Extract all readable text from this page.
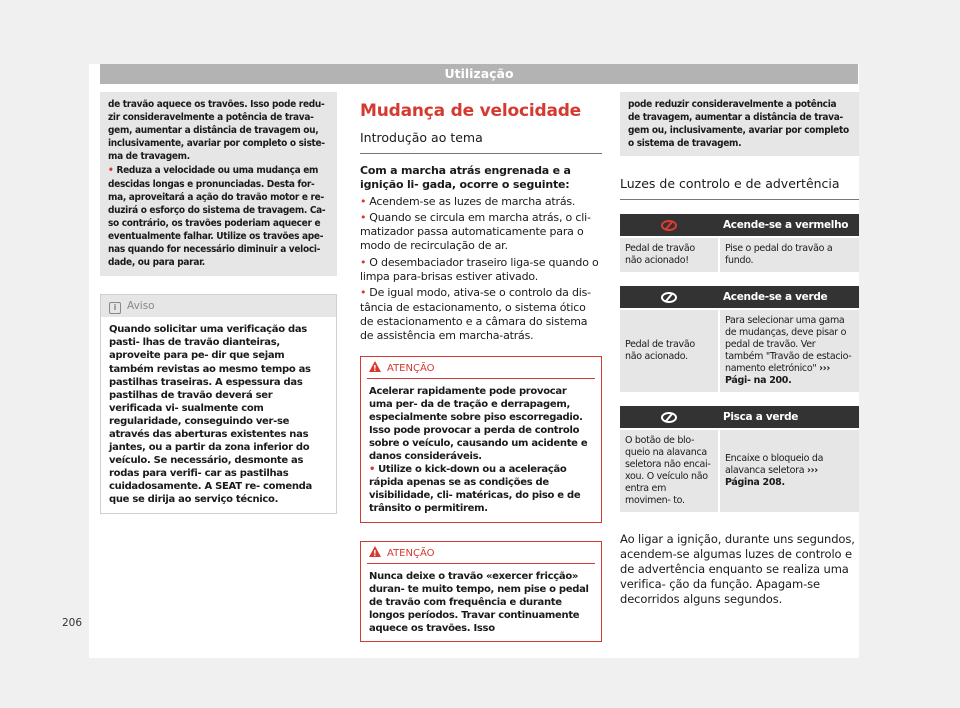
Utilização

de travão aquece os travões. Isso pode redu- zir consideravelmente a potência de trava- gem, aumentar a distância de travagem ou, inclusivamente, avariar por completo o siste- ma de travagem.

• Reduza a velocidade ou uma mudança em descidas longas e pronunciadas. Desta for- ma, aproveitará a ação do travão motor e re- duzirá o esforço do sistema de travagem. Ca- so contrário, os travões poderiam aquecer e eventualmente falhar. Utilize os travões ape- nas quando for necessário diminuir a veloci- dade, ou para parar.

i Aviso
Quando solicitar uma verificação das pasti- lhas de travão dianteiras, aproveite para pe- dir que sejam também revistas ao mesmo tempo as pastilhas traseiras. A espessura das pastilhas de travão deverá ser verificada vi- sualmente com regularidade, conseguindo ver-se através das aberturas existentes nas jantes, ou a partir da zona inferior do veículo. Se necessário, desmonte as rodas para verifi- car as pastilhas cuidadosamente. A SEAT re- comenda que se dirija ao serviço técnico.
Mudança de velocidade
Introdução ao tema
Com a marcha atrás engrenada e a ignição li- gada, ocorre o seguinte:

• Acendem-se as luzes de marcha atrás.

• Quando se circula em marcha atrás, o cli- matizador passa automaticamente para o modo de recirculação de ar.

• O desembaciador traseiro liga-se quando o limpa para-brisas estiver ativado.

• De igual modo, ativa-se o controlo da dis- tância de estacionamento, o sistema ótico de estacionamento e a câmara do sistema de assistência em marcha-atrás.

!ATENÇÃO

Acelerar rapidamente pode provocar uma per- da de tração e derrapagem, especialmente sobre piso escorregadio. Isso pode provocar a perda de controlo sobre o veículo, causando um acidente e danos consideráveis.

• Utilize o kick-down ou a aceleração rápida apenas se as condições de visibilidade, cli- matéricas, do piso e de trânsito o permitirem.

!ATENÇÃO
Nunca deixe o travão «exercer fricção» duran- te muito tempo, nem pise o pedal de travão com frequência e durante longos períodos. Travar continuamente aquece os travões. Isso
pode reduzir consideravelmente a potência de travagem, aumentar a distância de trava- gem ou, inclusivamente, avariar por completo o sistema de travagem.
Luzes de controlo e de advertência
	Acende-se a vermelho

Pedal de travão não acionado!	Pise o pedal do travão a fundo.
	Acende-se a verde

Pedal de travão não acionado.	Para selecionar uma gama de mudanças, deve pisar o pedal de travão. Ver também "Travão de estacio- namento eletrónico" ››› Pági- na 200.
	Pisca a verde

O botão de blo- queio na alavanca seletora não encai- xou. O veículo não entra em movimen- to.	Encaixe o bloqueio da alavanca seletora ››› Página 208.

Ao ligar a ignição, durante uns segundos, acendem-se algumas luzes de controlo e de advertência enquanto se realiza uma verifica- ção da função. Apagam-se decorridos alguns segundos.

206
